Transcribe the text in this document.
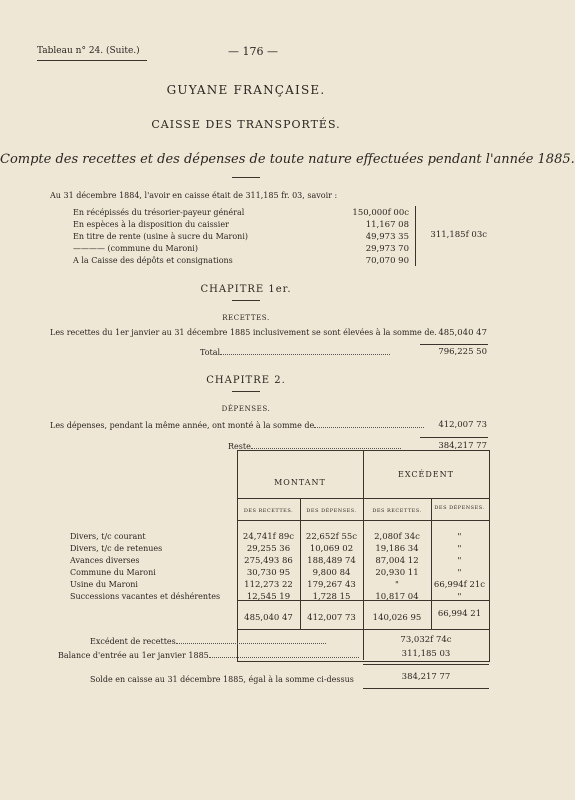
Tableau n° 24. (Suite.)	— 176 —
GUYANE FRANÇAISE.
CAISSE DES TRANSPORTÉS.
Compte des recettes et des dépenses de toute nature effectuées pendant l'année 1885.
Au 31 décembre 1884, l'avoir en caisse était de 311,185 fr. 03, savoir :
En récépissés du trésorier-payeur général	150,000f 00c
En espèces à la disposition du caissier	11,167 08
En titre de rente (usine à sucre du Maroni)	49,973 35
———— (commune du Maroni)	29,973 70
A la Caisse des dépôts et consignations	70,070 90
311,185f 03c
CHAPITRE 1er.
RECETTES.
Les recettes du 1er janvier au 31 décembre 1885 inclusivement se sont élevées à la somme de. 485,040 47
Total	796,225 50
CHAPITRE 2.
DÉPENSES.
Les dépenses, pendant la même année, ont monté à la somme de	412,007 73
Reste	384,217 77
MONTANT
EXCÉDENT
DES RECETTES.	DES DÉPENSES.	DES RECETTES.	DES DÉPENSES.
Divers, t/c courant	24,741f 89c	22,652f 55c	2,080f 34c	"
Divers, t/c de retenues	29,255 36	10,069 02	19,186 34	"
Avances diverses	275,493 86	188,489 74	87,004 12	"
Commune du Maroni	30,730 95	9,800 84	20,930 11	"
Usine du Maroni	112,273 22	179,267 43	"	66,994f 21c
Successions vacantes et déshérentes	12,545 19	1,728 15	10,817 04	"
485,040 47	412,007 73	140,026 95	66,994 21
Excédent de recettes	73,032f 74c
Balance d'entrée au 1er janvier 1885	311,185 03
Solde en caisse au 31 décembre 1885, égal à la somme ci-dessus	384,217 77
